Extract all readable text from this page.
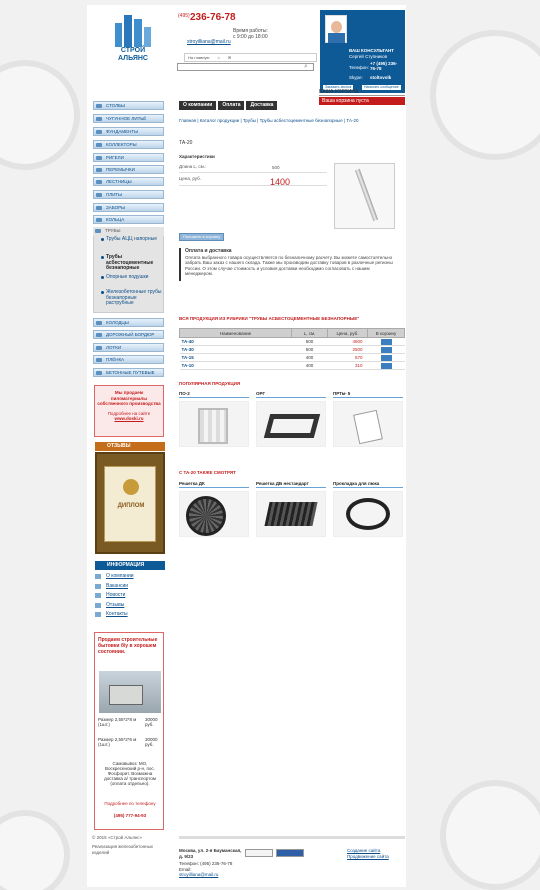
СТРОЙ
АЛЬЯНС
(495) 236-76-78
Время работы:
с 9:00 до 18:00
stroyilliana@mail.ru
На главную ⌂ ✉
⌕
ВАШ КОНСУЛЬТАНТ
Сергей Ступников
Телефон:
+7 (495) 236-76-78
Skype: stoltovolk
Заказать звонок	Написать сообщение
ВАША КОРЗИНА
Ваша корзина пуста
Мы продаем пиломатериалы собственного производства
Подробнее на сайте
www.doski.ru
ОТЗЫВЫ
ДИПЛОМ
ИНФОРМАЦИЯ
Продаем строительные бытовки б/у в хорошем состоянии.
Размер 2,55*2*8 м (1шт.)
30000 руб.
Размер 2,55*2*6 м (1шт.)
30000 руб.
Самовывоз: МО, Воскресенский р-н, пос. Фосфорит. Возможна доставка а/ транспортом (оплата отдельно).
Подробнее по телефону
(495) 777-94-93
© 2015 «Строй Альянс»
Реализация железобетонных изделий
О компании	Оплата	Доставка
Главная | Каталог продукции | Трубы | Трубы асбестоцементные безнапорные | ТА-20
ТА-20
Характеристики
Длина L, см.:	500
Цена, руб.	1400
Положить в корзину
Оплата и доставка
Оплата выбранного товара осуществляется по безналичному расчету. Вы можете самостоятельно забрать Ваш заказ с нашего склада. Также мы производим доставку товаров в различные регионы России. О этом случае стоимость и условия доставки необходимо согласовать с нашим менеджером.
ВСЯ ПРОДУКЦИЯ ИЗ РУБРИКИ "ТРУБЫ АСБЕСТОЦЕМЕНТНЫЕ БЕЗНАПОРНЫЕ"
Наименование	L, см.	Цена, руб.	В корзину
ТА-40	500	4500	
ТА-30	500	2500	
ТА-15	400	570	
ТА-10	400	310	
ПОПУЛЯРНАЯ ПРОДУКЦИЯ
С ТА-20 ТАКЖЕ СМОТРЯТ
Москва, ул. 2-я Бауманская, д. 9/23
Телефон: (495) 236-76-78
Email:
stroyilliana@mail.ru
Создание сайта
Продвижение сайта
СТОЛБЫ
ЧУГУННОЕ ЛИТЬЁ
ФУНДАМЕНТЫ
КОЛЛЕКТОРЫ
РИГЕЛИ
ПЕРЕМЫЧКИ
ЛЕСТНИЦЫ
ПЛИТЫ
ЗАБОРЫ
КОЛЬЦА
ТРУБЫ
Трубы АЦЦ напорные
Трубы асбестоцементные безнапорные
Опорные подушки
Железобетонные трубы безнапорные раструбные
КОЛОДЦЫ
ДОРОЖНЫЙ БОРДЮР
ЛОТКИ
ПЛЁНКА
БЕТОННЫЕ ПУТЕВЫЕ
О компании
Вакансии
Новости
Отзывы
Контакты
ПО-2	ОРГ	ПРТм- 5
Решетка ДК	Решетка ДБ нестандарт	Прокладка для люка
